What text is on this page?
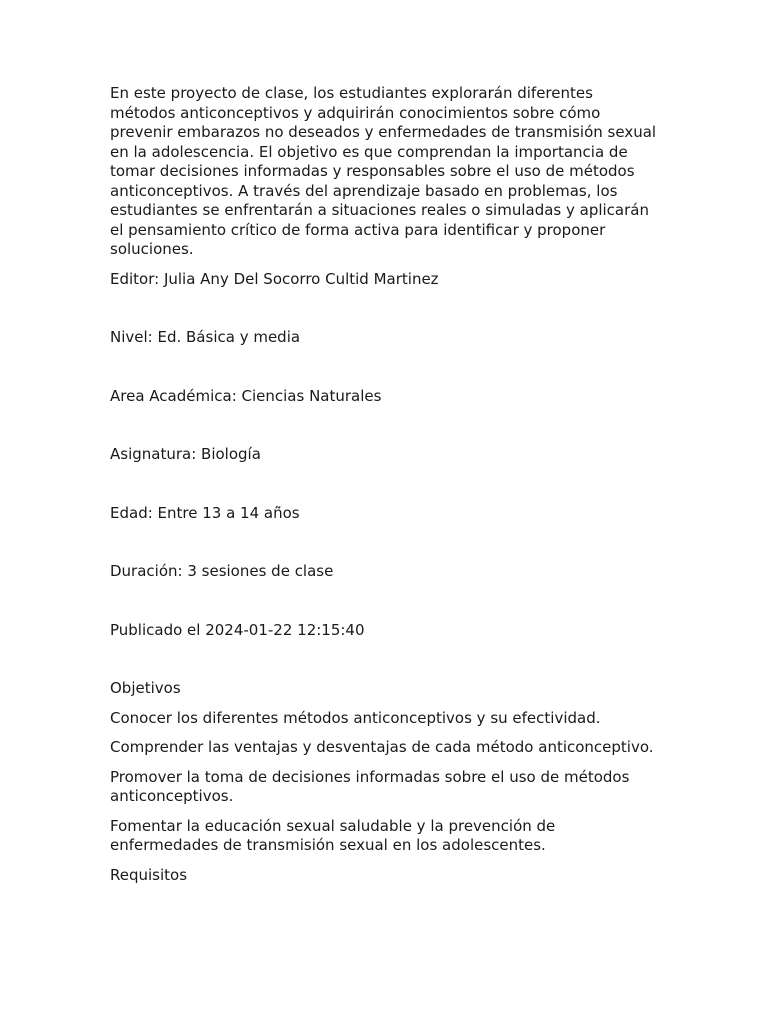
En este proyecto de clase, los estudiantes explorarán diferentes métodos anticonceptivos y adquirirán conocimientos sobre cómo prevenir embarazos no deseados y enfermedades de transmisión sexual en la adolescencia. El objetivo es que comprendan la importancia de tomar decisiones informadas y responsables sobre el uso de métodos anticonceptivos. A través del aprendizaje basado en problemas, los estudiantes se enfrentarán a situaciones reales o simuladas y aplicarán el pensamiento crítico de forma activa para identificar y proponer soluciones.

Editor: Julia Any Del Socorro Cultid Martinez

Nivel: Ed. Básica y media

Area Académica: Ciencias Naturales

Asignatura: Biología

Edad: Entre 13 a 14 años

Duración: 3 sesiones de clase

Publicado el 2024-01-22 12:15:40

Objetivos

Conocer los diferentes métodos anticonceptivos y su efectividad.

Comprender las ventajas y desventajas de cada método anticonceptivo.

Promover la toma de decisiones informadas sobre el uso de métodos anticonceptivos.

Fomentar la educación sexual saludable y la prevención de enfermedades de transmisión sexual en los adolescentes.

Requisitos
